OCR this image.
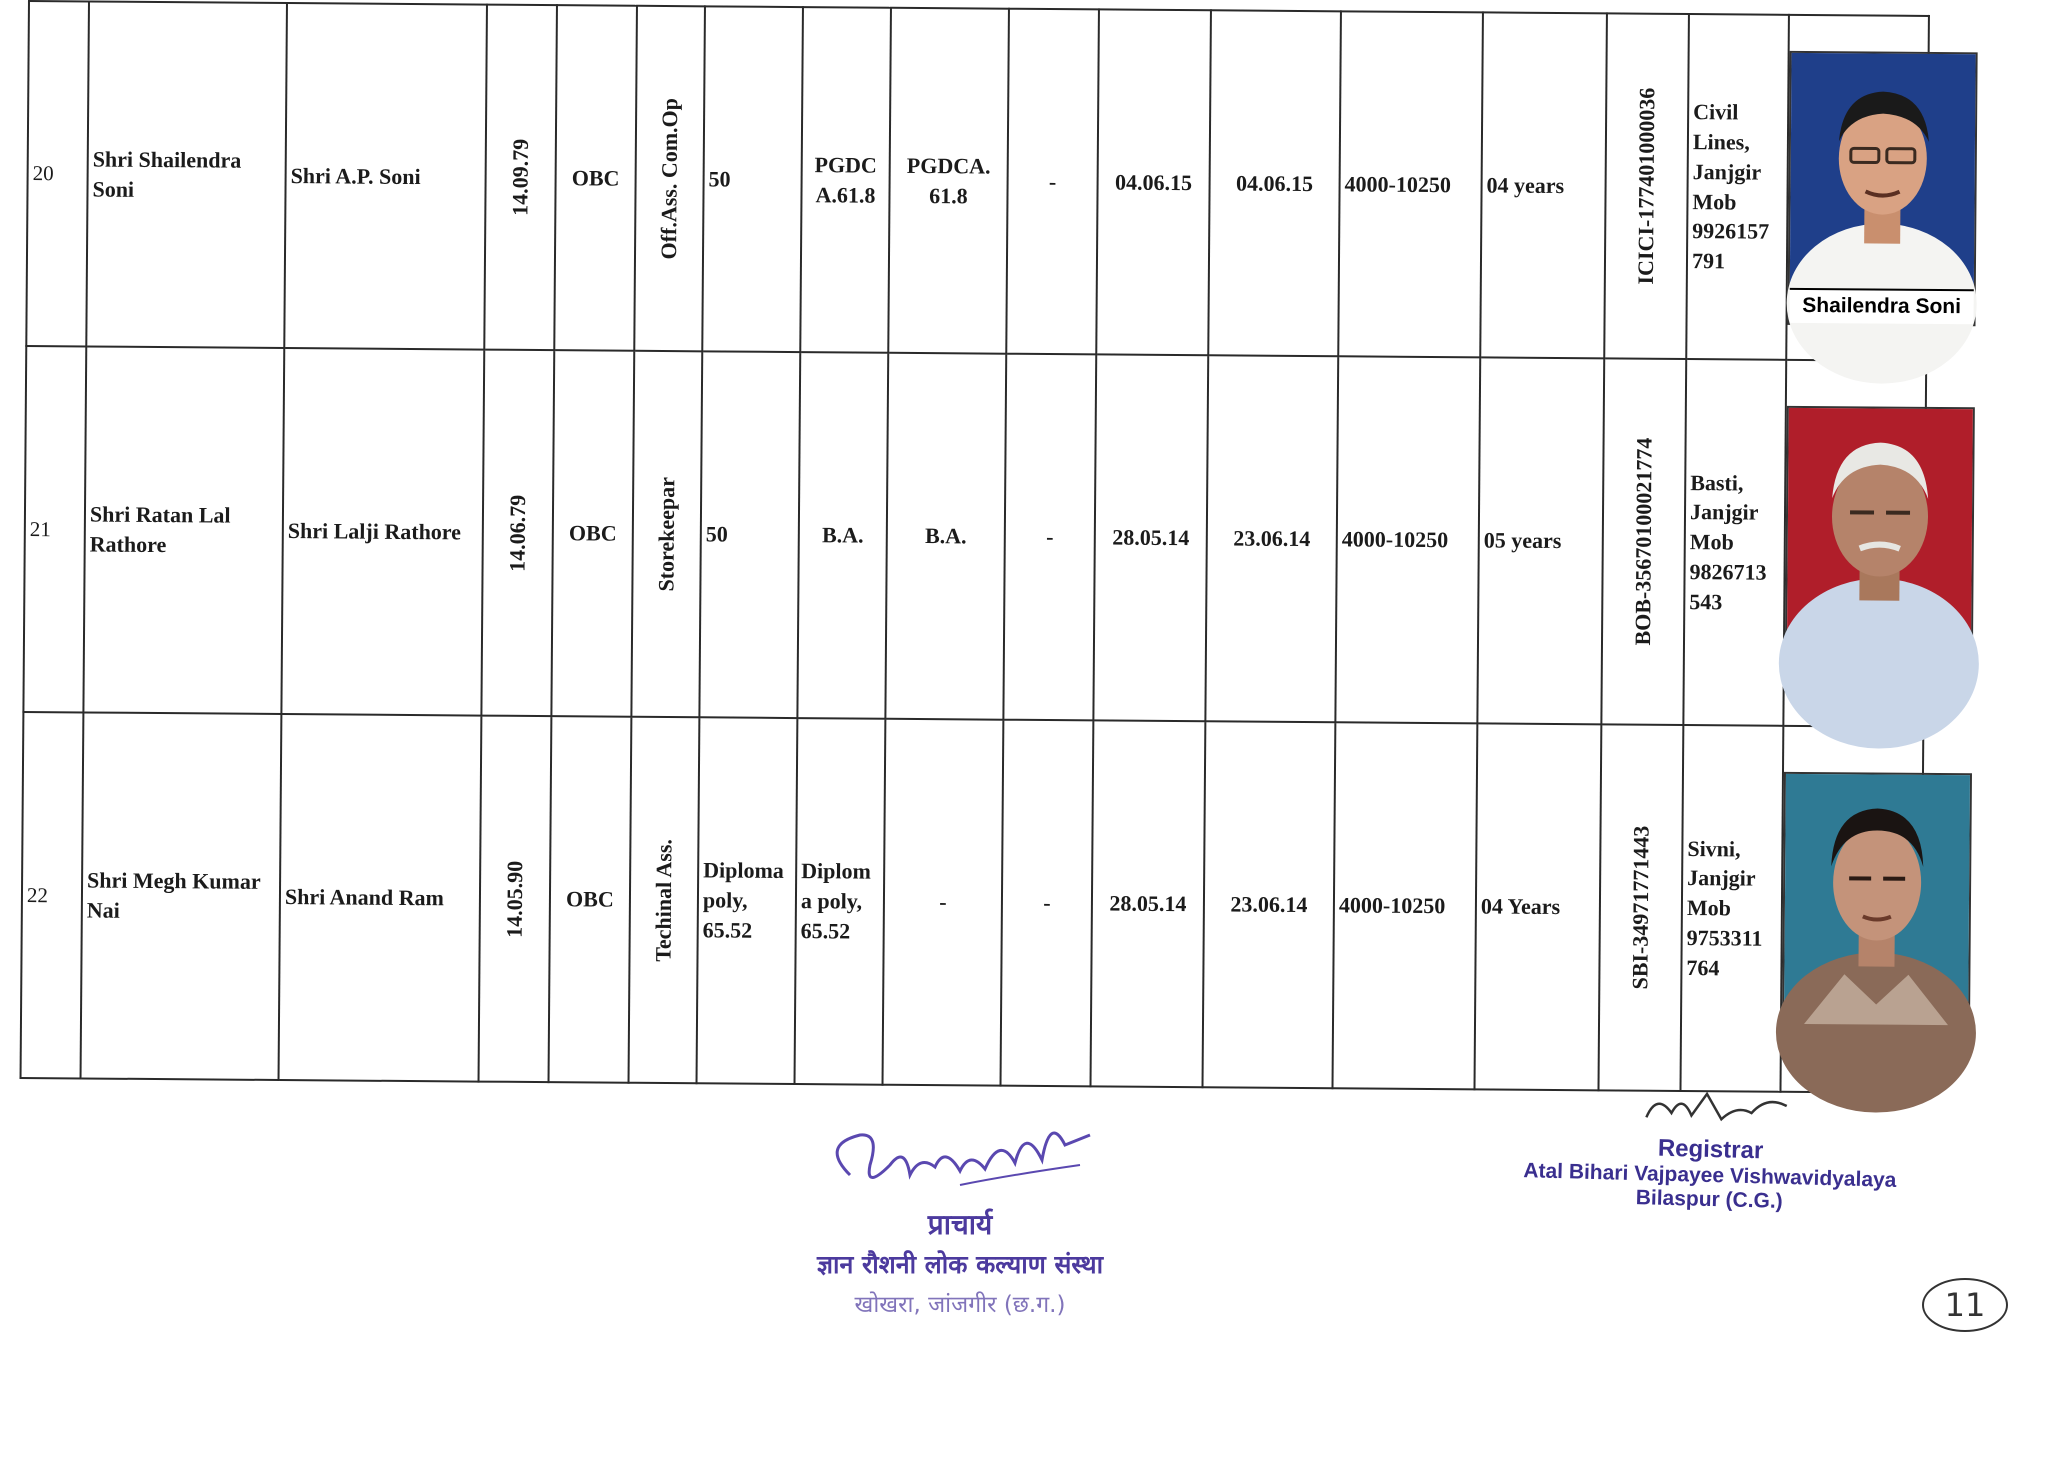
20	Shri Shailendra Soni	Shri A.P. Soni	14.09.79	OBC	Off.Ass. Com.Op	50	PGDC A.61.8	PGDCA. 61.8	-	04.06.15	04.06.15	4000-10250	04 years	ICICI-177401000036	Civil Lines, Janjgir Mob 9926157 791	Shailendra Soni

21	Shri Ratan Lal Rathore	Shri Lalji Rathore	14.06.79	OBC	Storekeepar	50	B.A.	B.A.	-	28.05.14	23.06.14	4000-10250	05 years	BOB-35670100021774	Basti, Janjgir Mob 9826713 543	

22	Shri Megh Kumar Nai	Shri Anand Ram	14.05.90	OBC	Techinal Ass.	Diploma poly, 65.52	Diplom a poly, 65.52	-	-	28.05.14	23.06.14	4000-10250	04 Years	SBI-34971771443	Sivni, Janjgir Mob 9753311 764	
प्राचार्य
ज्ञान रौशनी लोक कल्याण संस्था
खोखरा, जांजगीर (छ.ग.)
Registrar
Atal Bihari Vajpayee Vishwavidyalaya
Bilaspur (C.G.)
11
